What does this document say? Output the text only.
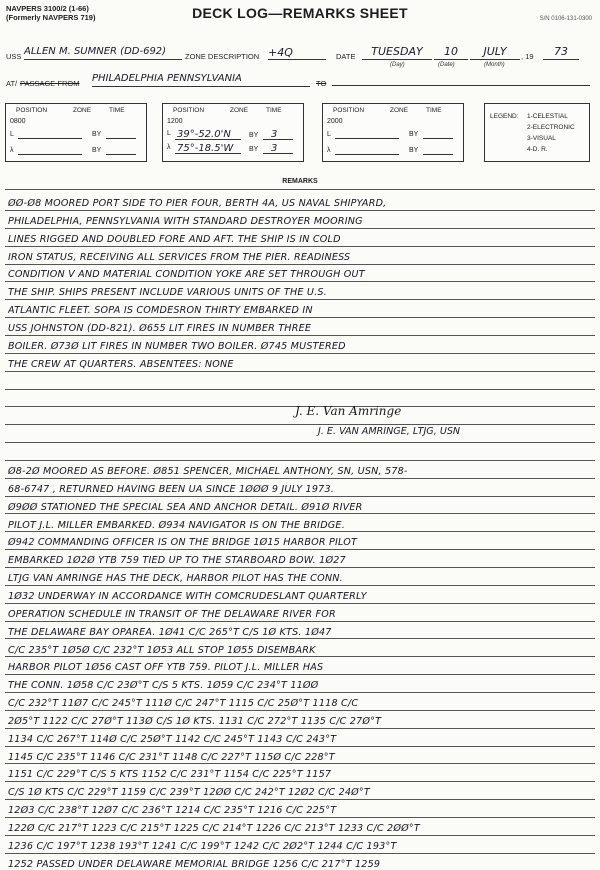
NAVPERS 3100/2 (1-66)
(Formerly NAVPERS 719)	DECK LOG—REMARKS SHEET	S/N 0106-131-0300
USS ALLEN M. SUMNER (DD-692)	ZONE DESCRIPTION +4Q	DATE	TUESDAY	10	JULY	, 19	73
(Day)	(Date)	(Month)
AT/ PASSAGE FROM PHILADELPHIA PENNSYLVANIA	TO
POSITION	ZONE	TIME
0800
L	BY
λ	BY
POSITION	ZONE	TIME
1200
L 39°-52.0'N	BY 3
λ 75°-18.5'W BY 3
POSITION	ZONE	TIME
2000
L	BY
λ	BY
LEGEND: 1-CELESTIAL
2-ELECTRONIC
3-VISUAL
4-D. R.
REMARKS
ØØ-Ø8 MOORED PORT SIDE TO PIER FOUR, BERTH 4A, US NAVAL SHIPYARD,
PHILADELPHIA, PENNSYLVANIA WITH STANDARD DESTROYER MOORING
LINES RIGGED AND DOUBLED FORE AND AFT. THE SHIP IS IN COLD
IRON STATUS, RECEIVING ALL SERVICES FROM THE PIER. READINESS
CONDITION V AND MATERIAL CONDITION YOKE ARE SET THROUGH OUT
THE SHIP. SHIPS PRESENT INCLUDE VARIOUS UNITS OF THE U.S.
ATLANTIC FLEET. SOPA IS COMDESRON THIRTY EMBARKED IN
USS JOHNSTON (DD-821). Ø655 LIT FIRES IN NUMBER THREE
BOILER. Ø73Ø LIT FIRES IN NUMBER TWO BOILER. Ø745 MUSTERED
THE CREW AT QUARTERS. ABSENTEES: NONE
J. E. Van Amringe
J. E. VAN AMRINGE, LTJG, USN
Ø8-2Ø MOORED AS BEFORE. Ø851 SPENCER, MICHAEL ANTHONY, SN, USN, 578-
68-6747 , RETURNED HAVING BEEN UA SINCE 1ØØØ 9 JULY 1973.
Ø9ØØ STATIONED THE SPECIAL SEA AND ANCHOR DETAIL. Ø91Ø RIVER
PILOT J.L. MILLER EMBARKED. Ø934 NAVIGATOR IS ON THE BRIDGE.
Ø942 COMMANDING OFFICER IS ON THE BRIDGE 1Ø15 HARBOR PILOT
EMBARKED 1Ø2Ø YTB 759 TIED UP TO THE STARBOARD BOW. 1Ø27
LTJG VAN AMRINGE HAS THE DECK, HARBOR PILOT HAS THE CONN.
1Ø32 UNDERWAY IN ACCORDANCE WITH COMCRUDESLANT QUARTERLY
OPERATION SCHEDULE IN TRANSIT OF THE DELAWARE RIVER FOR
THE DELAWARE BAY OPAREA. 1Ø41 C/C 265°T C/S 1Ø KTS. 1Ø47
C/C 235°T 1Ø5Ø C/C 232°T 1Ø53 ALL STOP 1Ø55 DISEMBARK
HARBOR PILOT 1Ø56 CAST OFF YTB 759. PILOT J.L. MILLER HAS
THE CONN. 1Ø58 C/C 23Ø°T C/S 5 KTS. 1Ø59 C/C 234°T 11ØØ
C/C 232°T 11Ø7 C/C 245°T 111Ø C/C 247°T 1115 C/C 25Ø°T 1118 C/C
2Ø5°T 1122 C/C 27Ø°T 113Ø C/S 1Ø KTS. 1131 C/C 272°T 1135 C/C 27Ø°T
1134 C/C 267°T 114Ø C/C 25Ø°T 1142 C/C 245°T 1143 C/C 243°T
1145 C/C 235°T 1146 C/C 231°T 1148 C/C 227°T 115Ø C/C 228°T
1151 C/C 229°T C/S 5 KTS 1152 C/C 231°T 1154 C/C 225°T 1157
C/S 1Ø KTS C/C 229°T 1159 C/C 239°T 12ØØ C/C 242°T 12Ø2 C/C 24Ø°T
12Ø3 C/C 238°T 12Ø7 C/C 236°T 1214 C/C 235°T 1216 C/C 225°T
122Ø C/C 217°T 1223 C/C 215°T 1225 C/C 214°T 1226 C/C 213°T 1233 C/C 2ØØ°T
1236 C/C 197°T 1238 193°T 1241 C/C 199°T 1242 C/C 2Ø2°T 1244 C/C 193°T
1252 PASSED UNDER DELAWARE MEMORIAL BRIDGE 1256 C/C 217°T 1259
